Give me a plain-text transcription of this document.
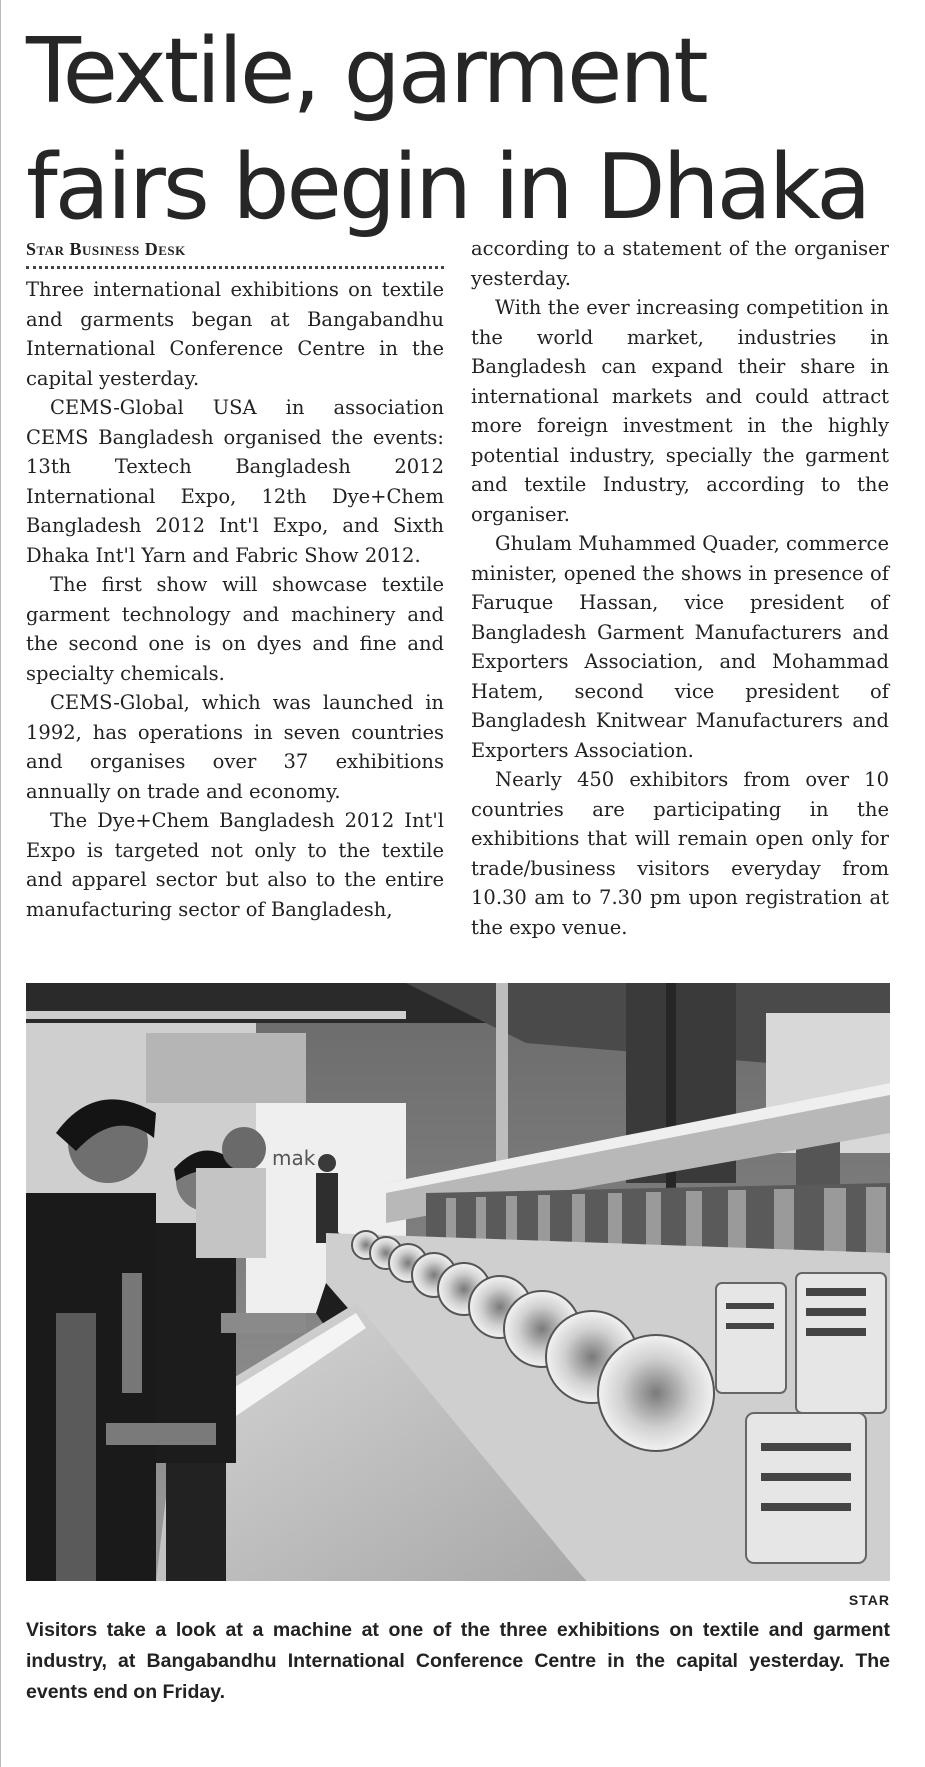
Textile, garment fairs begin in Dhaka
Star Business Desk

Three international exhibitions on textile and garments began at Bangabandhu International Conference Centre in the capital yesterday.

CEMS-Global USA in association CEMS Bangladesh organised the events: 13th Textech Bangladesh 2012 International Expo, 12th Dye+Chem Bangladesh 2012 Int'l Expo, and Sixth Dhaka Int'l Yarn and Fabric Show 2012.

The first show will showcase textile garment technology and machinery and the second one is on dyes and fine and specialty chemicals.

CEMS-Global, which was launched in 1992, has operations in seven countries and organises over 37 exhibitions annually on trade and economy.

The Dye+Chem Bangladesh 2012 Int'l Expo is targeted not only to the textile and apparel sector but also to the entire manufacturing sector of Bangladesh,

according to a statement of the organiser yesterday.

With the ever increasing competition in the world market, industries in Bangladesh can expand their share in international markets and could attract more foreign investment in the highly potential industry, specially the garment and textile Industry, according to the organiser.

Ghulam Muhammed Quader, commerce minister, opened the shows in presence of Faruque Hassan, vice president of Bangladesh Garment Manufacturers and Exporters Association, and Mohammad Hatem, second vice president of Bangladesh Knitwear Manufacturers and Exporters Association.

Nearly 450 exhibitors from over 10 countries are participating in the exhibitions that will remain open only for trade/business visitors everyday from 10.30 am to 7.30 pm upon registration at the expo venue.

mak
STAR
Visitors take a look at a machine at one of the three exhibitions on textile and garment industry, at Bangabandhu International Conference Centre in the capital yesterday. The events end on Friday.
